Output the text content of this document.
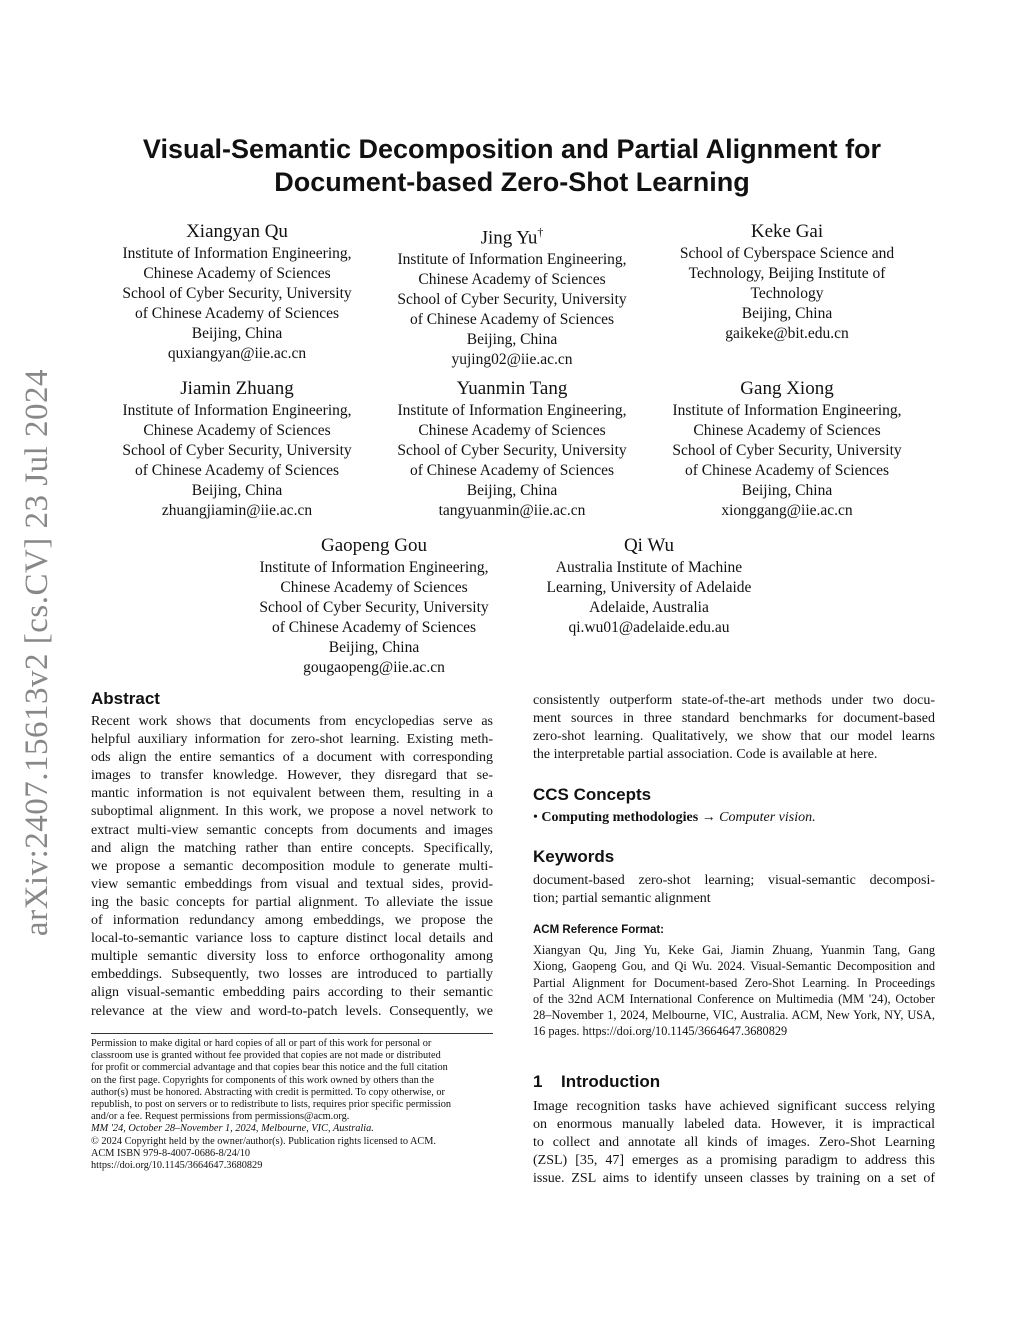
arXiv:2407.15613v2 [cs.CV] 23 Jul 2024
Visual-Semantic Decomposition and Partial Alignment for
Document-based Zero-Shot Learning
Xiangyan Qu
Institute of Information Engineering,
Chinese Academy of Sciences
School of Cyber Security, University
of Chinese Academy of Sciences
Beijing, China
quxiangyan@iie.ac.cn
Jing Yu†
Institute of Information Engineering,
Chinese Academy of Sciences
School of Cyber Security, University
of Chinese Academy of Sciences
Beijing, China
yujing02@iie.ac.cn
Keke Gai
School of Cyberspace Science and
Technology, Beijing Institute of
Technology
Beijing, China
gaikeke@bit.edu.cn
Jiamin Zhuang
Institute of Information Engineering,
Chinese Academy of Sciences
School of Cyber Security, University
of Chinese Academy of Sciences
Beijing, China
zhuangjiamin@iie.ac.cn
Yuanmin Tang
Institute of Information Engineering,
Chinese Academy of Sciences
School of Cyber Security, University
of Chinese Academy of Sciences
Beijing, China
tangyuanmin@iie.ac.cn
Gang Xiong
Institute of Information Engineering,
Chinese Academy of Sciences
School of Cyber Security, University
of Chinese Academy of Sciences
Beijing, China
xionggang@iie.ac.cn
Gaopeng Gou
Institute of Information Engineering,
Chinese Academy of Sciences
School of Cyber Security, University
of Chinese Academy of Sciences
Beijing, China
gougaopeng@iie.ac.cn
Qi Wu
Australia Institute of Machine
Learning, University of Adelaide
Adelaide, Australia
qi.wu01@adelaide.edu.au
Abstract
Recent work shows that documents from encyclopedias serve as
helpful auxiliary information for zero-shot learning. Existing meth-
ods align the entire semantics of a document with corresponding
images to transfer knowledge. However, they disregard that se-
mantic information is not equivalent between them, resulting in a
suboptimal alignment. In this work, we propose a novel network to
extract multi-view semantic concepts from documents and images
and align the matching rather than entire concepts. Specifically,
we propose a semantic decomposition module to generate multi-
view semantic embeddings from visual and textual sides, provid-
ing the basic concepts for partial alignment. To alleviate the issue
of information redundancy among embeddings, we propose the
local-to-semantic variance loss to capture distinct local details and
multiple semantic diversity loss to enforce orthogonality among
embeddings. Subsequently, two losses are introduced to partially
align visual-semantic embedding pairs according to their semantic
relevance at the view and word-to-patch levels. Consequently, we
Permission to make digital or hard copies of all or part of this work for personal or
classroom use is granted without fee provided that copies are not made or distributed
for profit or commercial advantage and that copies bear this notice and the full citation
on the first page. Copyrights for components of this work owned by others than the
author(s) must be honored. Abstracting with credit is permitted. To copy otherwise, or
republish, to post on servers or to redistribute to lists, requires prior specific permission
and/or a fee. Request permissions from permissions@acm.org.
MM '24, October 28–November 1, 2024, Melbourne, VIC, Australia.
© 2024 Copyright held by the owner/author(s). Publication rights licensed to ACM.
ACM ISBN 979-8-4007-0686-8/24/10
https://doi.org/10.1145/3664647.3680829
consistently outperform state-of-the-art methods under two docu-
ment sources in three standard benchmarks for document-based
zero-shot learning. Qualitatively, we show that our model learns
the interpretable partial association. Code is available at here.
CCS Concepts
• Computing methodologies → Computer vision.
Keywords
document-based zero-shot learning; visual-semantic decomposi-
tion; partial semantic alignment
ACM Reference Format:
Xiangyan Qu, Jing Yu, Keke Gai, Jiamin Zhuang, Yuanmin Tang, Gang
Xiong, Gaopeng Gou, and Qi Wu. 2024. Visual-Semantic Decomposition and
Partial Alignment for Document-based Zero-Shot Learning. In Proceedings
of the 32nd ACM International Conference on Multimedia (MM '24), October
28–November 1, 2024, Melbourne, VIC, Australia. ACM, New York, NY, USA,
16 pages. https://doi.org/10.1145/3664647.3680829
1 Introduction
Image recognition tasks have achieved significant success relying
on enormous manually labeled data. However, it is impractical
to collect and annotate all kinds of images. Zero-Shot Learning
(ZSL) [35, 47] emerges as a promising paradigm to address this
issue. ZSL aims to identify unseen classes by training on a set of
